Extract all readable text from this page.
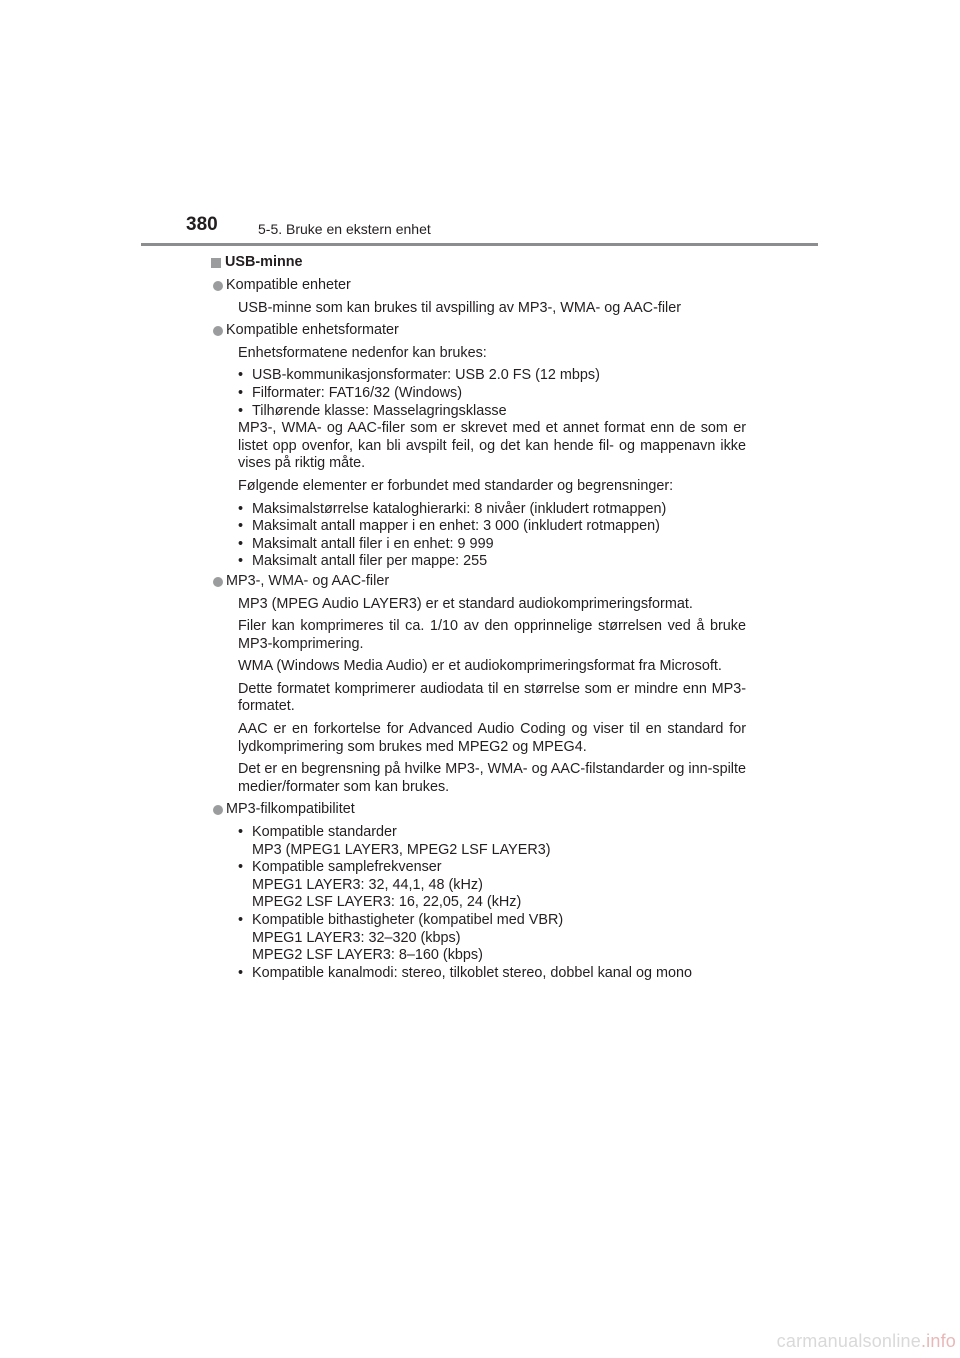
380	5-5. Bruke en ekstern enhet
USB-minne
Kompatible enheter
USB-minne som kan brukes til avspilling av MP3-, WMA- og AAC-filer
Kompatible enhetsformater
Enhetsformatene nedenfor kan brukes:
• USB-kommunikasjonsformater: USB 2.0 FS (12 mbps)
• Filformater: FAT16/32 (Windows)
• Tilhørende klasse: Masselagringsklasse
MP3-, WMA- og AAC-filer som er skrevet med et annet format enn de som er listet opp ovenfor, kan bli avspilt feil, og det kan hende fil- og mappenavn ikke vises på riktig måte.
Følgende elementer er forbundet med standarder og begrensninger:
• Maksimalstørrelse kataloghierarki: 8 nivåer (inkludert rotmappen)
• Maksimalt antall mapper i en enhet: 3 000 (inkludert rotmappen)
• Maksimalt antall filer i en enhet: 9 999
• Maksimalt antall filer per mappe: 255
MP3-, WMA- og AAC-filer
MP3 (MPEG Audio LAYER3) er et standard audiokomprimeringsformat.
Filer kan komprimeres til ca. 1/10 av den opprinnelige størrelsen ved å bruke MP3-komprimering.
WMA (Windows Media Audio) er et audiokomprimeringsformat fra Microsoft.
Dette formatet komprimerer audiodata til en størrelse som er mindre enn MP3-formatet.
AAC er en forkortelse for Advanced Audio Coding og viser til en standard for lydkomprimering som brukes med MPEG2 og MPEG4.
Det er en begrensning på hvilke MP3-, WMA- og AAC-filstandarder og inn-spilte medier/formater som kan brukes.
MP3-filkompatibilitet
• Kompatible standarder
MP3 (MPEG1 LAYER3, MPEG2 LSF LAYER3)
• Kompatible samplefrekvenser
MPEG1 LAYER3: 32, 44,1, 48 (kHz)
MPEG2 LSF LAYER3: 16, 22,05, 24 (kHz)
• Kompatible bithastigheter (kompatibel med VBR)
MPEG1 LAYER3: 32–320 (kbps)
MPEG2 LSF LAYER3: 8–160 (kbps)
• Kompatible kanalmodi: stereo, tilkoblet stereo, dobbel kanal og mono
carmanualsonline.info
